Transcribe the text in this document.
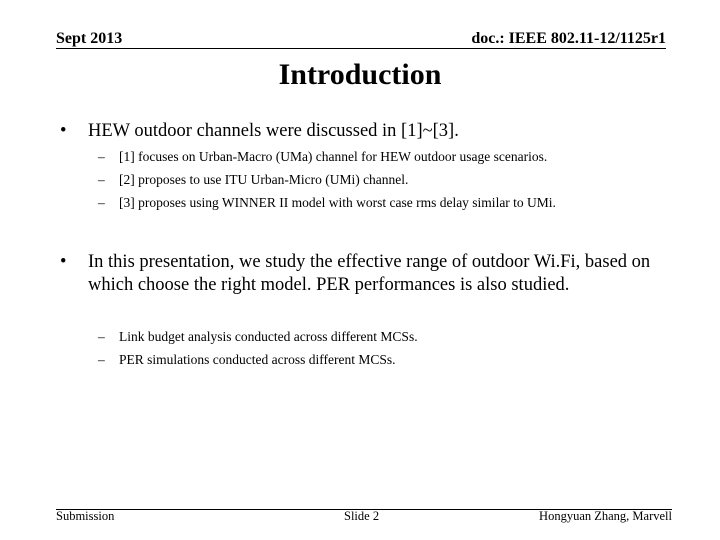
Sept 2013	doc.: IEEE 802.11-12/1125r1
Introduction
• HEW outdoor channels were discussed in [1]~[3].
– [1] focuses on Urban-Macro (UMa) channel for HEW outdoor usage scenarios.
– [2] proposes to use ITU Urban-Micro (UMi) channel.
– [3] proposes using WINNER II model with worst case rms delay similar to UMi.
• In this presentation, we study the effective range of outdoor Wi.Fi, based on which choose the right model. PER performances is also studied.
– Link budget analysis conducted across different MCSs.
– PER simulations conducted across different MCSs.
Submission	Slide 2	Hongyuan Zhang, Marvell
